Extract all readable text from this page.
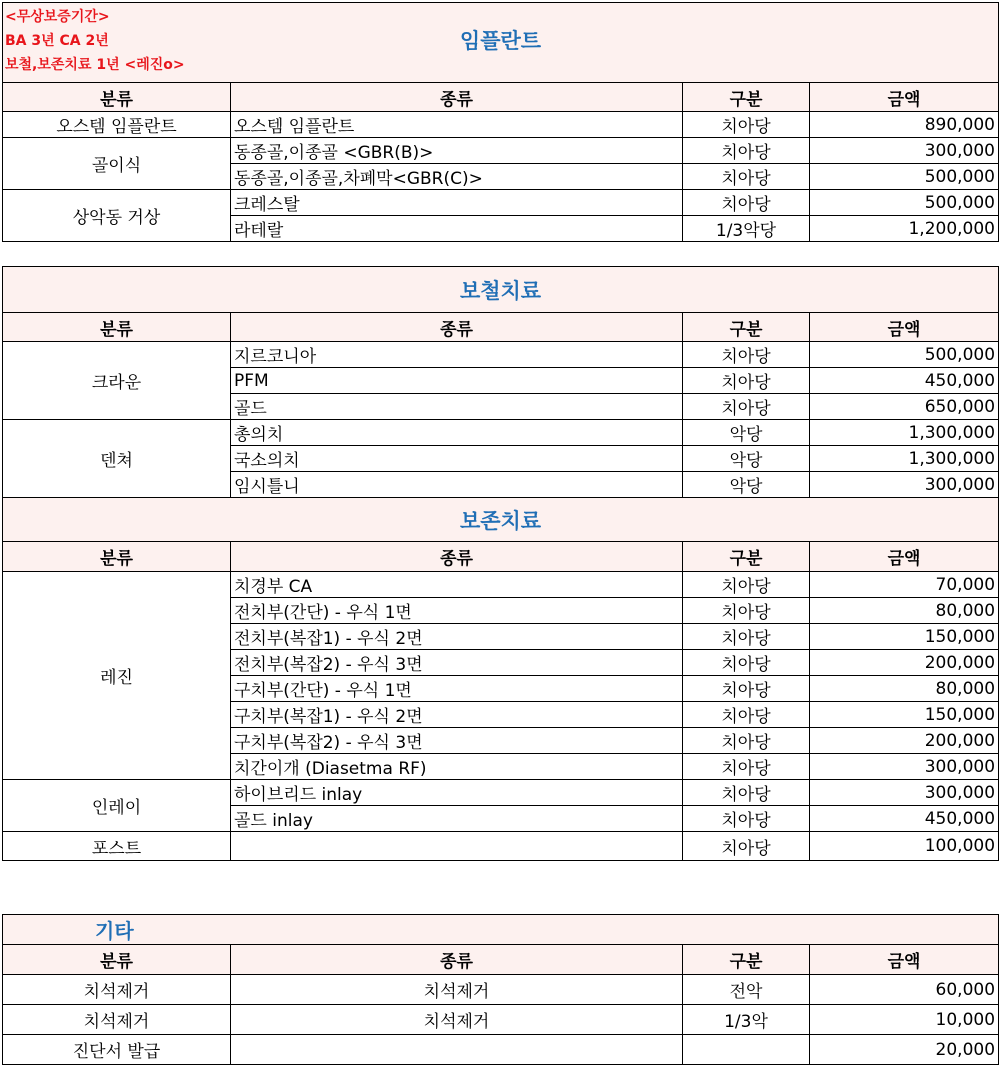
<무상보증기간>
BA 3년 CA 2년
보철,보존치료 1년 <레진o>
임플란트			

분류	종류	구분	금액
오스템 임플란트	오스템 임플란트	치아당	890,000
골이식	동종골,이종골 <GBR(B)>	치아당	300,000
	동종골,이종골,차폐막<GBR(C)>	치아당	500,000
상악동 거상	크레스탈	치아당	500,000
	라테랄	1/3악당	1,200,000
보철치료			
분류	종류	구분	금액
크라운	지르코니아	치아당	500,000
	PFM	치아당	450,000
	골드	치아당	650,000
덴쳐	총의치	악당	1,300,000
	국소의치	악당	1,300,000
	임시틀니	악당	300,000
보존치료			
분류	종류	구분	금액
레진	치경부 CA	치아당	70,000
	전치부(간단) - 우식 1면	치아당	80,000
	전치부(복잡1) - 우식 2면	치아당	150,000
	전치부(복잡2) - 우식 3면	치아당	200,000
	구치부(간단) - 우식 1면	치아당	80,000
	구치부(복잡1) - 우식 2면	치아당	150,000
	구치부(복잡2) - 우식 3면	치아당	200,000
	치간이개 (Diasetma RF)	치아당	300,000
인레이	하이브리드 inlay	치아당	300,000
	골드 inlay	치아당	450,000
포스트		치아당	100,000
기타			
분류	종류	구분	금액
치석제거	치석제거	전악	60,000
치석제거	치석제거	1/3악	10,000
진단서 발급			20,000
